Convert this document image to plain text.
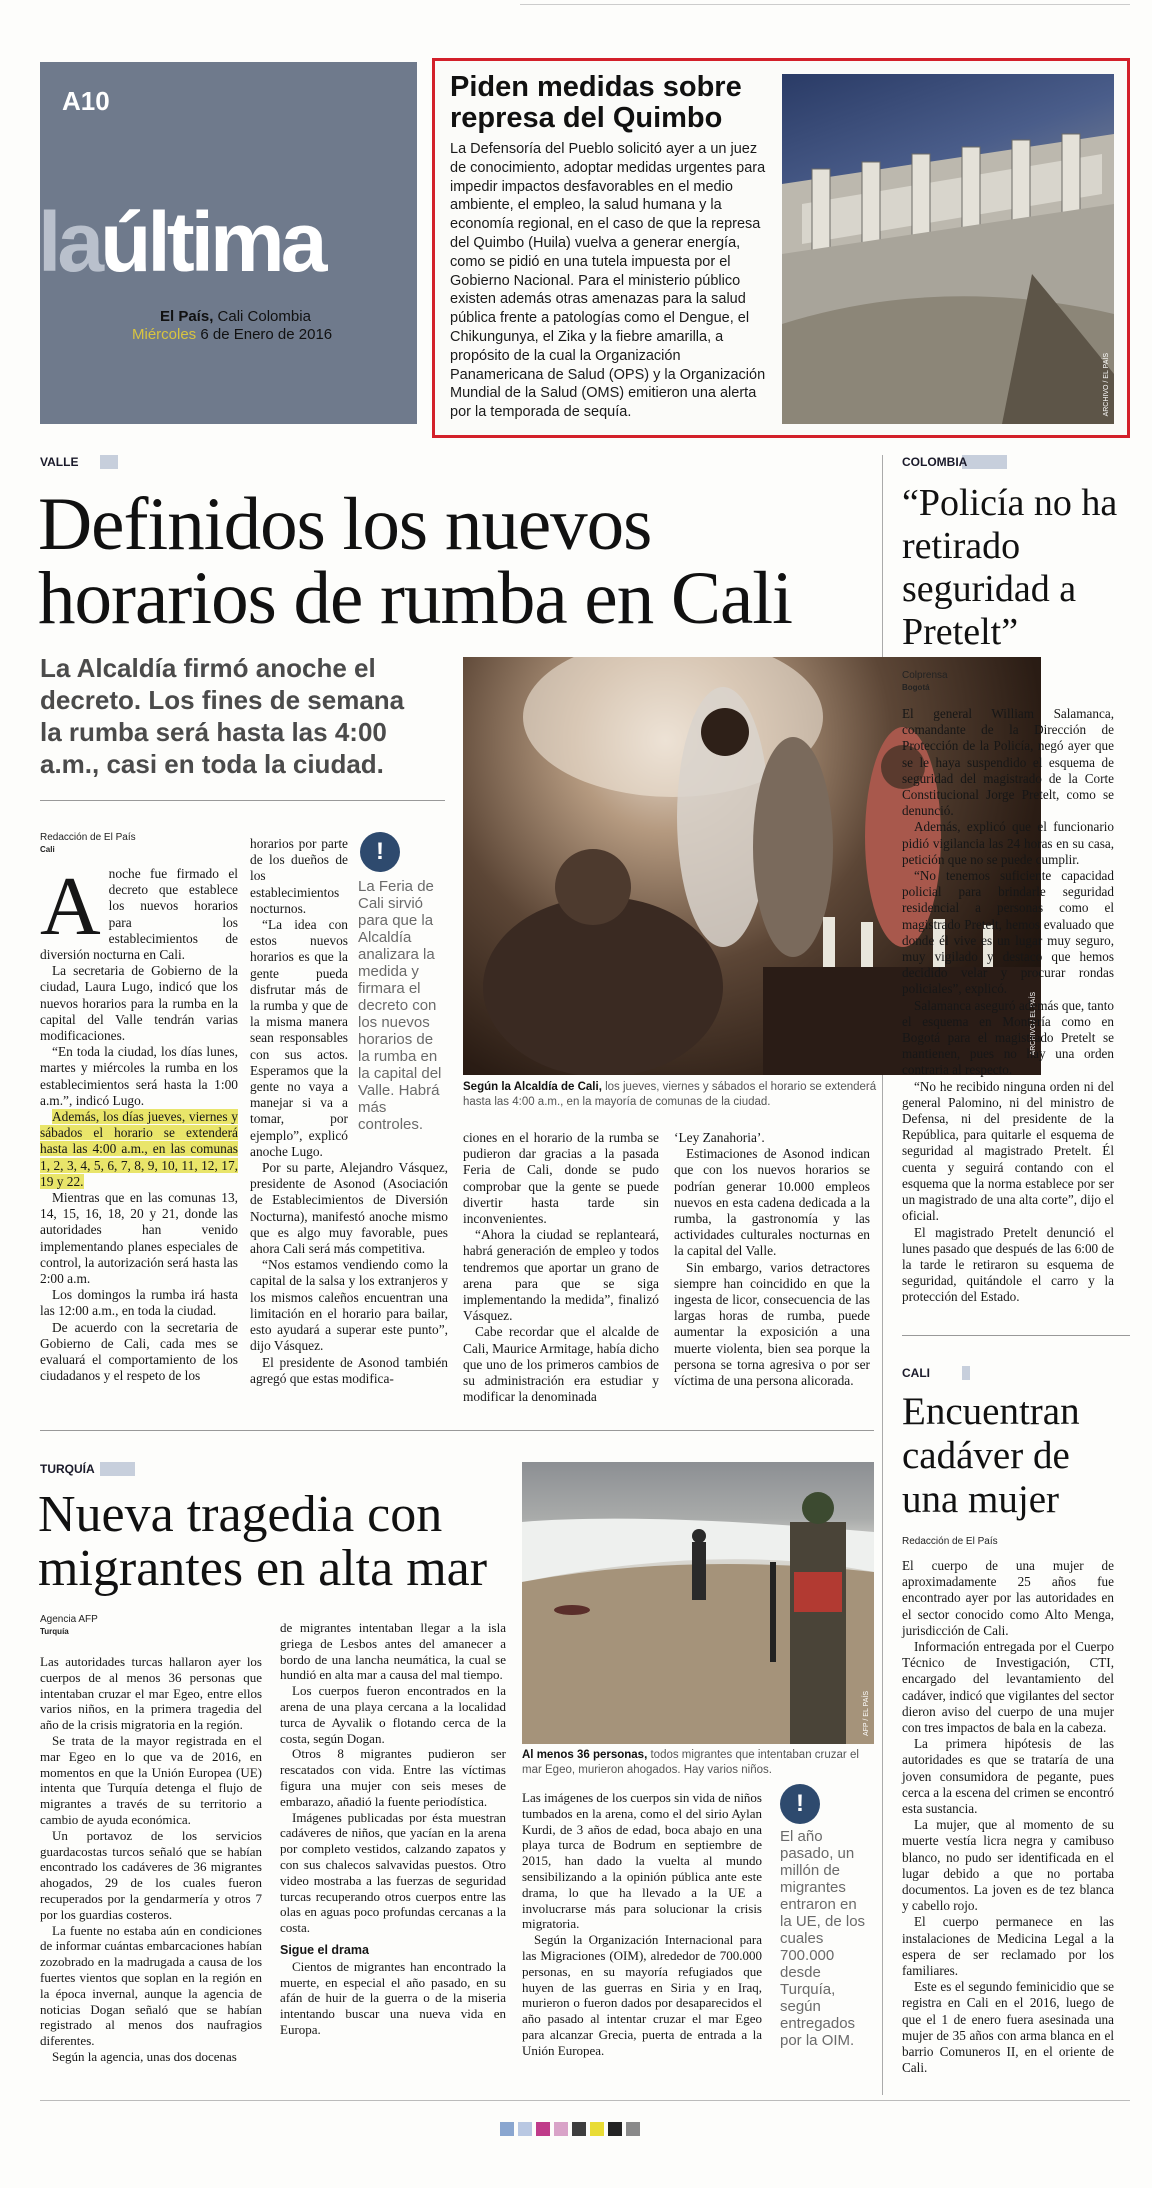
A10
laúltima
El País, Cali Colombia
Miércoles 6 de Enero de 2016
Piden medidas sobre represa del Quimbo
La Defensoría del Pueblo solicitó ayer a un juez de conocimiento, adoptar medidas urgentes para impedir impactos desfavorables en el medio ambiente, el empleo, la salud humana y la economía regional, en el caso de que la represa del Quimbo (Huila) vuelva a generar energía, como se pidió en una tutela impuesta por el Gobierno Nacional. Para el ministerio público existen además otras amenazas para la salud pública frente a patologías como el Dengue, el Chikungunya, el Zika y la fiebre amarilla, a propósito de la cual la Organización Panamericana de Salud (OPS) y la Organización Mundial de la Salud (OMS) emitieron una alerta por la temporada de sequía.	ARCHIVO / EL PAÍS
VALLE	COLOMBIA
TURQUÍA
CALI
Definidos los nuevos horarios de rumba en Cali
La Alcaldía firmó anoche el decreto. Los fines de semana la rumba será hasta las 4:00 a.m., casi en toda la ciudad.
Redacción de El País
Cali
A noche fue firmado el decreto que establece los nuevos horarios para los establecimientos de diversión nocturna en Cali.

La secretaria de Gobierno de la ciudad, Laura Lugo, indicó que los nuevos horarios para la rumba en la capital del Valle tendrán varias modificaciones.

“En toda la ciudad, los días lunes, martes y miércoles la rumba en los establecimientos será hasta la 1:00 a.m.”, indicó Lugo.

Además, los días jueves, viernes y sábados el horario se extenderá hasta las 4:00 a.m., en las comunas 1, 2, 3, 4, 5, 6, 7, 8, 9, 10, 11, 12, 17, 19 y 22.

Mientras que en las comunas 13, 14, 15, 16, 18, 20 y 21, donde las autoridades han venido implementando planes especiales de control, la autorización será hasta las 2:00 a.m.

Los domingos la rumba irá hasta las 12:00 a.m., en toda la ciudad.

De acuerdo con la secretaria de Gobierno de Cali, cada mes se evaluará el comportamiento de los ciudadanos y el respeto de los

horarios por parte de los dueños de los establecimientos nocturnos.

“La idea con estos nuevos horarios es que la gente pueda disfrutar más de la rumba y que de la misma manera sean responsables con sus actos. Esperamos que la gente no vaya a manejar si va a tomar, por ejemplo”, explicó anoche Lugo.

Por su parte, Alejandro Vásquez, presidente de Asonod (Asociación de Establecimientos de Diversión Nocturna), manifestó anoche mismo que es algo muy favorable, pues ahora Cali será más competitiva.

“Nos estamos vendiendo como la capital de la salsa y los extranjeros y los mismos caleños encuentran una limitación en el horario para bailar, esto ayudará a superar este punto”, dijo Vásquez.

El presidente de Asonod también agregó que estas modifica-

!
La Feria de Cali sirvió para que la Alcaldía analizara la medida y firmara el decreto con los nuevos horarios de la rumba en la capital del Valle. Habrá más controles.
ARCHIVO / EL PAÍS
Según la Alcaldía de Cali, los jueves, viernes y sábados el horario se extenderá hasta las 4:00 a.m., en la mayoría de comunas de la ciudad.

ciones en el horario de la rumba se pudieron dar gracias a la pasada Feria de Cali, donde se pudo comprobar que la gente se puede divertir hasta tarde sin inconvenientes.

“Ahora la ciudad se replanteará, habrá generación de empleo y todos tendremos que aportar un grano de arena para que se siga implementando la medida”, finalizó Vásquez.

Cabe recordar que el alcalde de Cali, Maurice Armitage, había dicho que uno de los primeros cambios de su administración era estudiar y modificar la denominada

‘Ley Zanahoria’.

Estimaciones de Asonod indican que con los nuevos horarios se podrían generar 10.000 empleos nuevos en esta cadena dedicada a la rumba, la gastronomía y las actividades culturales nocturnas en la capital del Valle.

Sin embargo, varios detractores siempre han coincidido en que la ingesta de licor, consecuencia de las largas horas de rumba, puede aumentar la exposición a una muerte violenta, bien sea porque la persona se torna agresiva o por ser víctima de una persona alicorada.

“Policía no ha retirado seguridad a Pretelt”
Colprensa
Bogotá

El general William Salamanca, comandante de la Dirección de Protección de la Policía, negó ayer que se le haya suspendido el esquema de seguridad del magistrado de la Corte Constitucional Jorge Pretelt, como se denunció.

Además, explicó que el funcionario pidió vigilancia las 24 horas en su casa, petición que no se puede cumplir.

“No tenemos suficiente capacidad policial para brindarle seguridad residencial a personas como el magistrado Pretelt, hemos evaluado que donde él vive es un lugar muy seguro, muy vigilado y destaco que hemos decidido velar y procurar rondas policiales”, explicó.

Salamanca aseguró además que, tanto el esquema en Montería como en Bogotá para el magistrado Pretelt se mantienen, pues no hay una orden contraria al respecto.

“No he recibido ninguna orden ni del general Palomino, ni del ministro de Defensa, ni del presidente de la República, para quitarle el esquema de seguridad al magistrado Pretelt. Él cuenta y seguirá contando con el esquema que la norma establece por ser un magistrado de una alta corte”, dijo el oficial.

El magistrado Pretelt denunció el lunes pasado que después de las 6:00 de la tarde le retiraron su esquema de seguridad, quitándole el carro y la protección del Estado.

Encuentran cadáver de una mujer
Redacción de El País

El cuerpo de una mujer de aproximadamente 25 años fue encontrado ayer por las autoridades en el sector conocido como Alto Menga, jurisdicción de Cali.

Información entregada por el Cuerpo Técnico de Investigación, CTI, encargado del levantamiento del cadáver, indicó que vigilantes del sector dieron aviso del cuerpo de una mujer con tres impactos de bala en la cabeza.

La primera hipótesis de las autoridades es que se trataría de una joven consumidora de pegante, pues cerca a la escena del crimen se encontró esta sustancia.

La mujer, que al momento de su muerte vestía licra negra y camibuso blanco, no pudo ser identificada en el lugar debido a que no portaba documentos. La joven es de tez blanca y cabello rojo.

El cuerpo permanece en las instalaciones de Medicina Legal a la espera de ser reclamado por los familiares.

Este es el segundo feminicidio que se registra en Cali en el 2016, luego de que el 1 de enero fuera asesinada una mujer de 35 años con arma blanca en el barrio Comuneros II, en el oriente de Cali.

Nueva tragedia con migrantes en alta mar
Agencia AFP
Turquía
AFP / EL PAÍS
Al menos 36 personas, todos migrantes que intentaban cruzar el mar Egeo, murieron ahogados. Hay varios niños.

Las autoridades turcas hallaron ayer los cuerpos de al menos 36 personas que intentaban cruzar el mar Egeo, entre ellos varios niños, en la primera tragedia del año de la crisis migratoria en la región.

Se trata de la mayor registrada en el mar Egeo en lo que va de 2016, en momentos en que la Unión Europea (UE) intenta que Turquía detenga el flujo de migrantes a través de su territorio a cambio de ayuda económica.

Un portavoz de los servicios guardacostas turcos señaló que se habían encontrado los cadáveres de 36 migrantes ahogados, 29 de los cuales fueron recuperados por la gendarmería y otros 7 por los guardias costeros.

La fuente no estaba aún en condiciones de informar cuántas embarcaciones habían zozobrado en la madrugada a causa de los fuertes vientos que soplan en la región en la época invernal, aunque la agencia de noticias Dogan señaló que se habían registrado al menos dos naufragios diferentes.

Según la agencia, unas dos docenas

de migrantes intentaban llegar a la isla griega de Lesbos antes del amanecer a bordo de una lancha neumática, la cual se hundió en alta mar a causa del mal tiempo.

Los cuerpos fueron encontrados en la arena de una playa cercana a la localidad turca de Ayvalik o flotando cerca de la costa, según Dogan.

Otros 8 migrantes pudieron ser rescatados con vida. Entre las víctimas figura una mujer con seis meses de embarazo, añadió la fuente periodística.

Imágenes publicadas por ésta muestran cadáveres de niños, que yacían en la arena por completo vestidos, calzando zapatos y con sus chalecos salvavidas puestos. Otro video mostraba a las fuerzas de seguridad turcas recuperando otros cuerpos entre las olas en aguas poco profundas cercanas a la costa.

Sigue el drama

Cientos de migrantes han encontrado la muerte, en especial el año pasado, en su afán de huir de la guerra o de la miseria intentando buscar una nueva vida en Europa.

Las imágenes de los cuerpos sin vida de niños tumbados en la arena, como el del sirio Aylan Kurdi, de 3 años de edad, boca abajo en una playa turca de Bodrum en septiembre de 2015, han dado la vuelta al mundo sensibilizando a la opinión pública ante este drama, lo que ha llevado a la UE a involucrarse más para solucionar la crisis migratoria.

Según la Organización Internacional para las Migraciones (OIM), alrededor de 700.000 personas, en su mayoría refugiados que huyen de las guerras en Siria y en Iraq, murieron o fueron dados por desaparecidos el año pasado al intentar cruzar el mar Egeo para alcanzar Grecia, puerta de entrada a la Unión Europea.

!
El año pasado, un millón de migrantes entraron en la UE, de los cuales 700.000 desde Turquía, según entregados por la OIM.
